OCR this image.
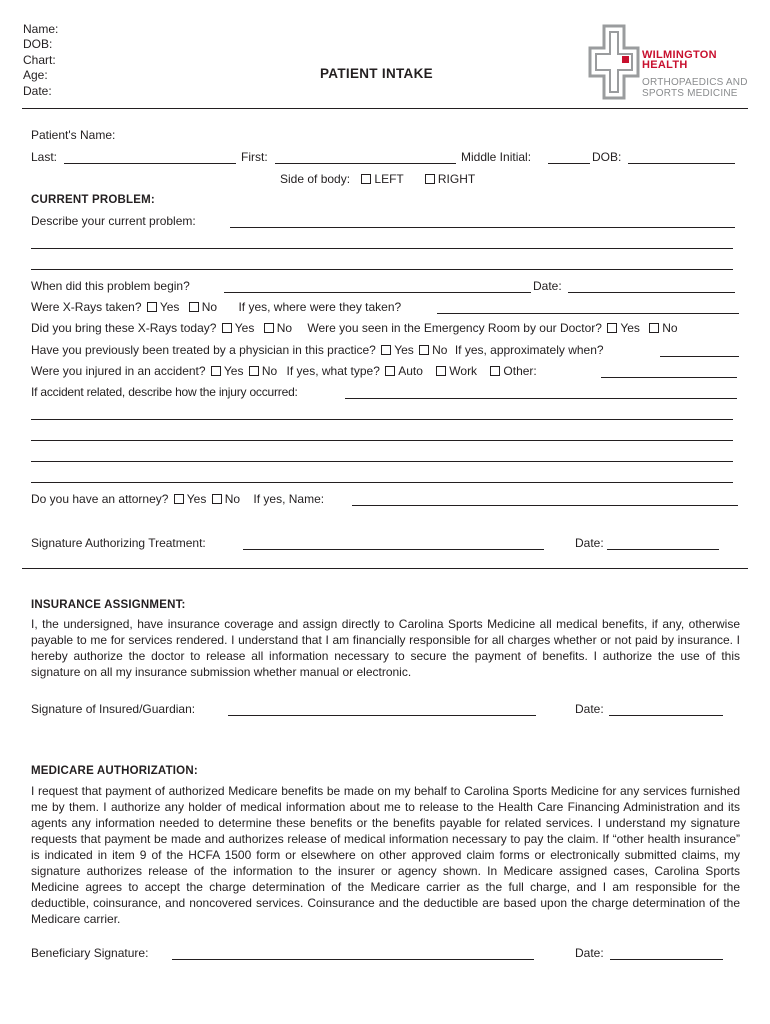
Name:
DOB:
Chart:
Age:
Date:
PATIENT INTAKE
WILMINGTON
HEALTH
ORTHOPAEDICS AND
SPORTS MEDICINE
Patient's Name:
Last:	First:	Middle Initial:	DOB:
Side of body: LEFT	RIGHT
CURRENT PROBLEM:
Describe your current problem:
When did this problem begin?	Date:
Were X-Rays taken? Yes No If yes, where were they taken?
Did you bring these X-Rays today? Yes No Were you seen in the Emergency Room by our Doctor? Yes No
Have you previously been treated by a physician in this practice? Yes No If yes, approximately when?
Were you injured in an accident? Yes No If yes, what type? Auto Work Other:
If accident related, describe how the injury occurred:
Do you have an attorney? Yes No If yes, Name:
Signature Authorizing Treatment:	Date:
INSURANCE ASSIGNMENT:
I, the undersigned, have insurance coverage and assign directly to Carolina Sports Medicine all medical benefits, if any, otherwise payable to me for services rendered. I understand that I am financially responsible for all charges whether or not paid by insurance. I hereby authorize the doctor to release all information necessary to secure the payment of benefits. I authorize the use of this signature on all my insurance submission whether manual or electronic.
Signature of Insured/Guardian:	Date:
MEDICARE AUTHORIZATION:
I request that payment of authorized Medicare benefits be made on my behalf to Carolina Sports Medicine for any services furnished me by them. I authorize any holder of medical information about me to release to the Health Care Financing Administration and its agents any information needed to determine these benefits or the benefits payable for related services. I understand my signature requests that payment be made and authorizes release of medical information necessary to pay the claim. If “other health insurance” is indicated in item 9 of the HCFA 1500 form or elsewhere on other approved claim forms or electronically submitted claims, my signature authorizes release of the information to the insurer or agency shown. In Medicare assigned cases, Carolina Sports Medicine agrees to accept the charge determination of the Medicare carrier as the full charge, and I am responsible for the deductible, coinsurance, and noncovered services. Coinsurance and the deductible are based upon the charge determination of the Medicare carrier.
Beneficiary Signature:	Date:
